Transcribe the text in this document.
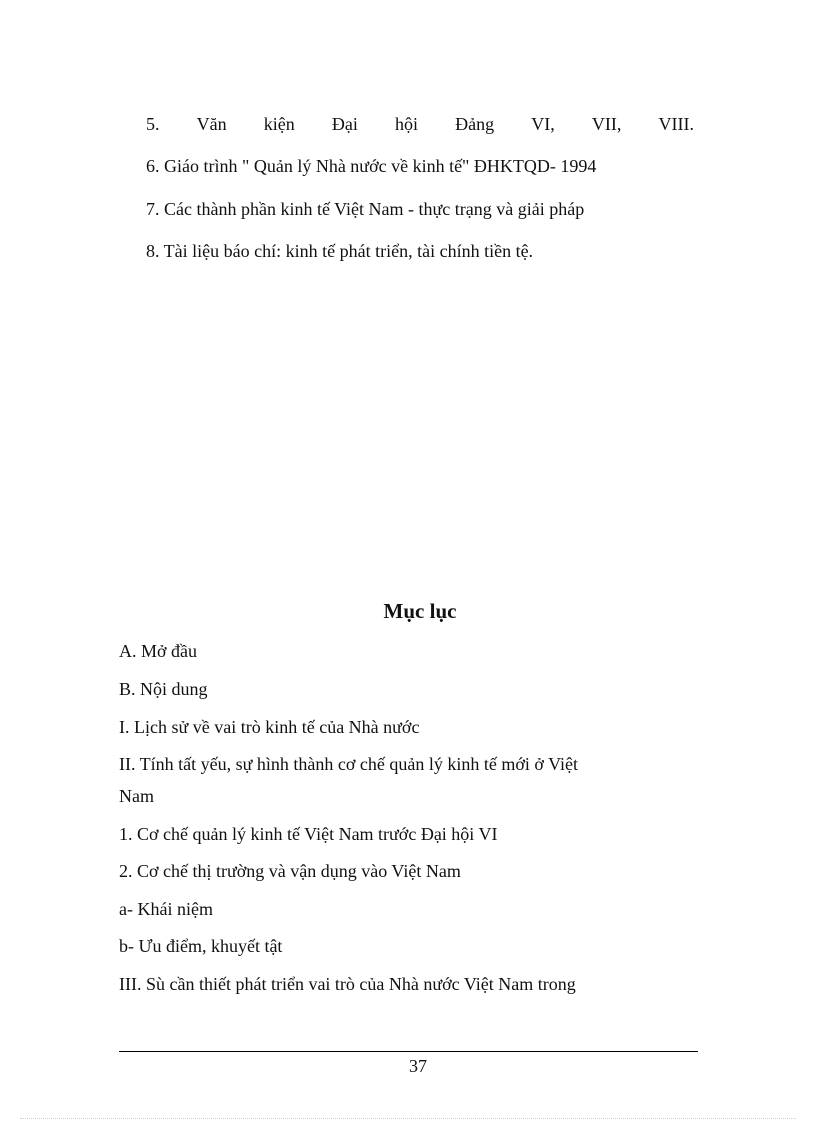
5. Văn kiện Đại hội Đảng VI, VII, VIII.
6. Giáo trình " Quản lý Nhà nước về kinh tế" ĐHKTQD- 1994
7. Các thành phần kinh tế Việt Nam - thực trạng và giải pháp
8. Tài liệu báo chí: kinh tế phát triển, tài chính tiền tệ.
Mục lục
A. Mở đầu
B. Nội dung
I. Lịch sử về vai trò kinh tế của Nhà nước
II. Tính tất yếu, sự hình thành cơ chế quản lý kinh tế mới ở Việt
Nam
1. Cơ chế quản lý kinh tế Việt Nam trước Đại hội VI
2. Cơ chế thị trường và vận dụng vào Việt Nam
a- Khái niệm
b- Ưu điểm, khuyết tật
III. Sù cần thiết phát triển vai trò của Nhà nước Việt Nam trong
37
